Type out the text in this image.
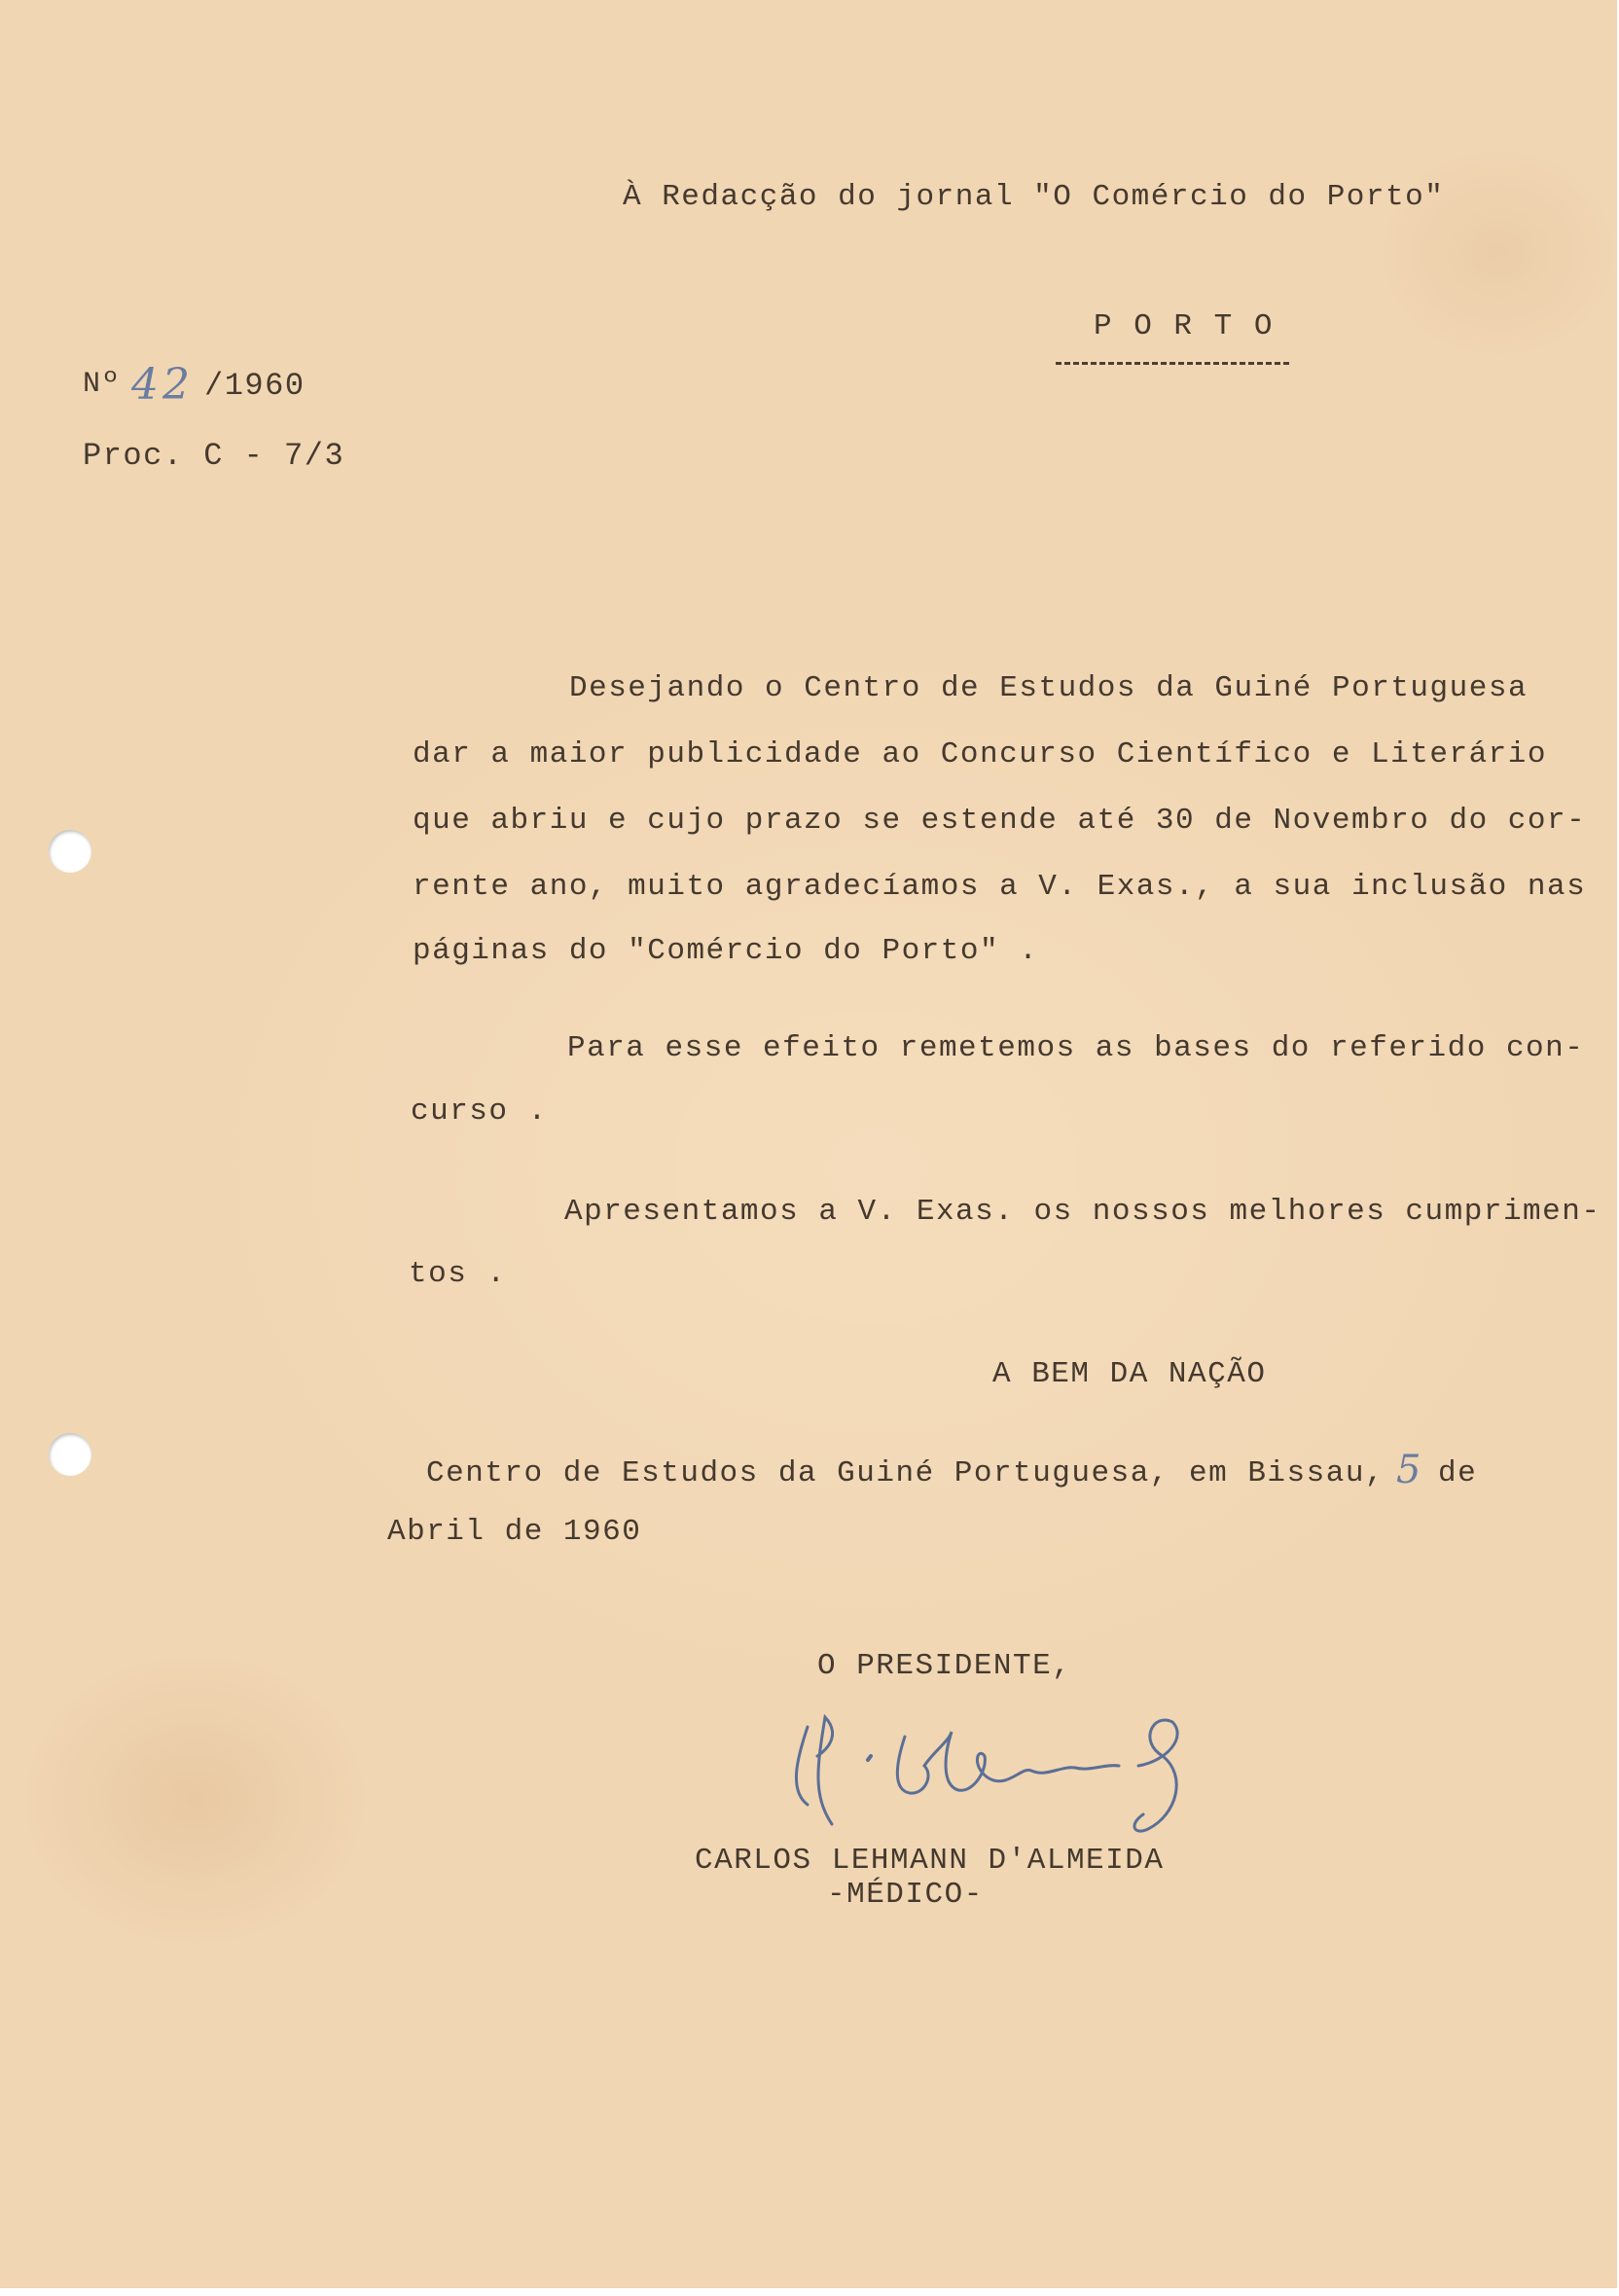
À Redacção do jornal "O Comércio do Porto"
P O R T O
Nº 42 /1960
Proc. C - 7/3
Desejando o Centro de Estudos da Guiné Portuguesa
dar a maior publicidade ao Concurso Científico e Literário
que abriu e cujo prazo se estende até 30 de Novembro do cor-
rente ano, muito agradecíamos a V. Exas., a sua inclusão nas
páginas do "Comércio do Porto" .
Para esse efeito remetemos as bases do referido con-
curso .
Apresentamos a V. Exas. os nossos melhores cumprimen-
tos .
A BEM DA NAÇÃO
Centro de Estudos da Guiné Portuguesa, em Bissau, 5 de
Abril de 1960
O PRESIDENTE,
CARLOS LEHMANN D'ALMEIDA
-MÉDICO-
